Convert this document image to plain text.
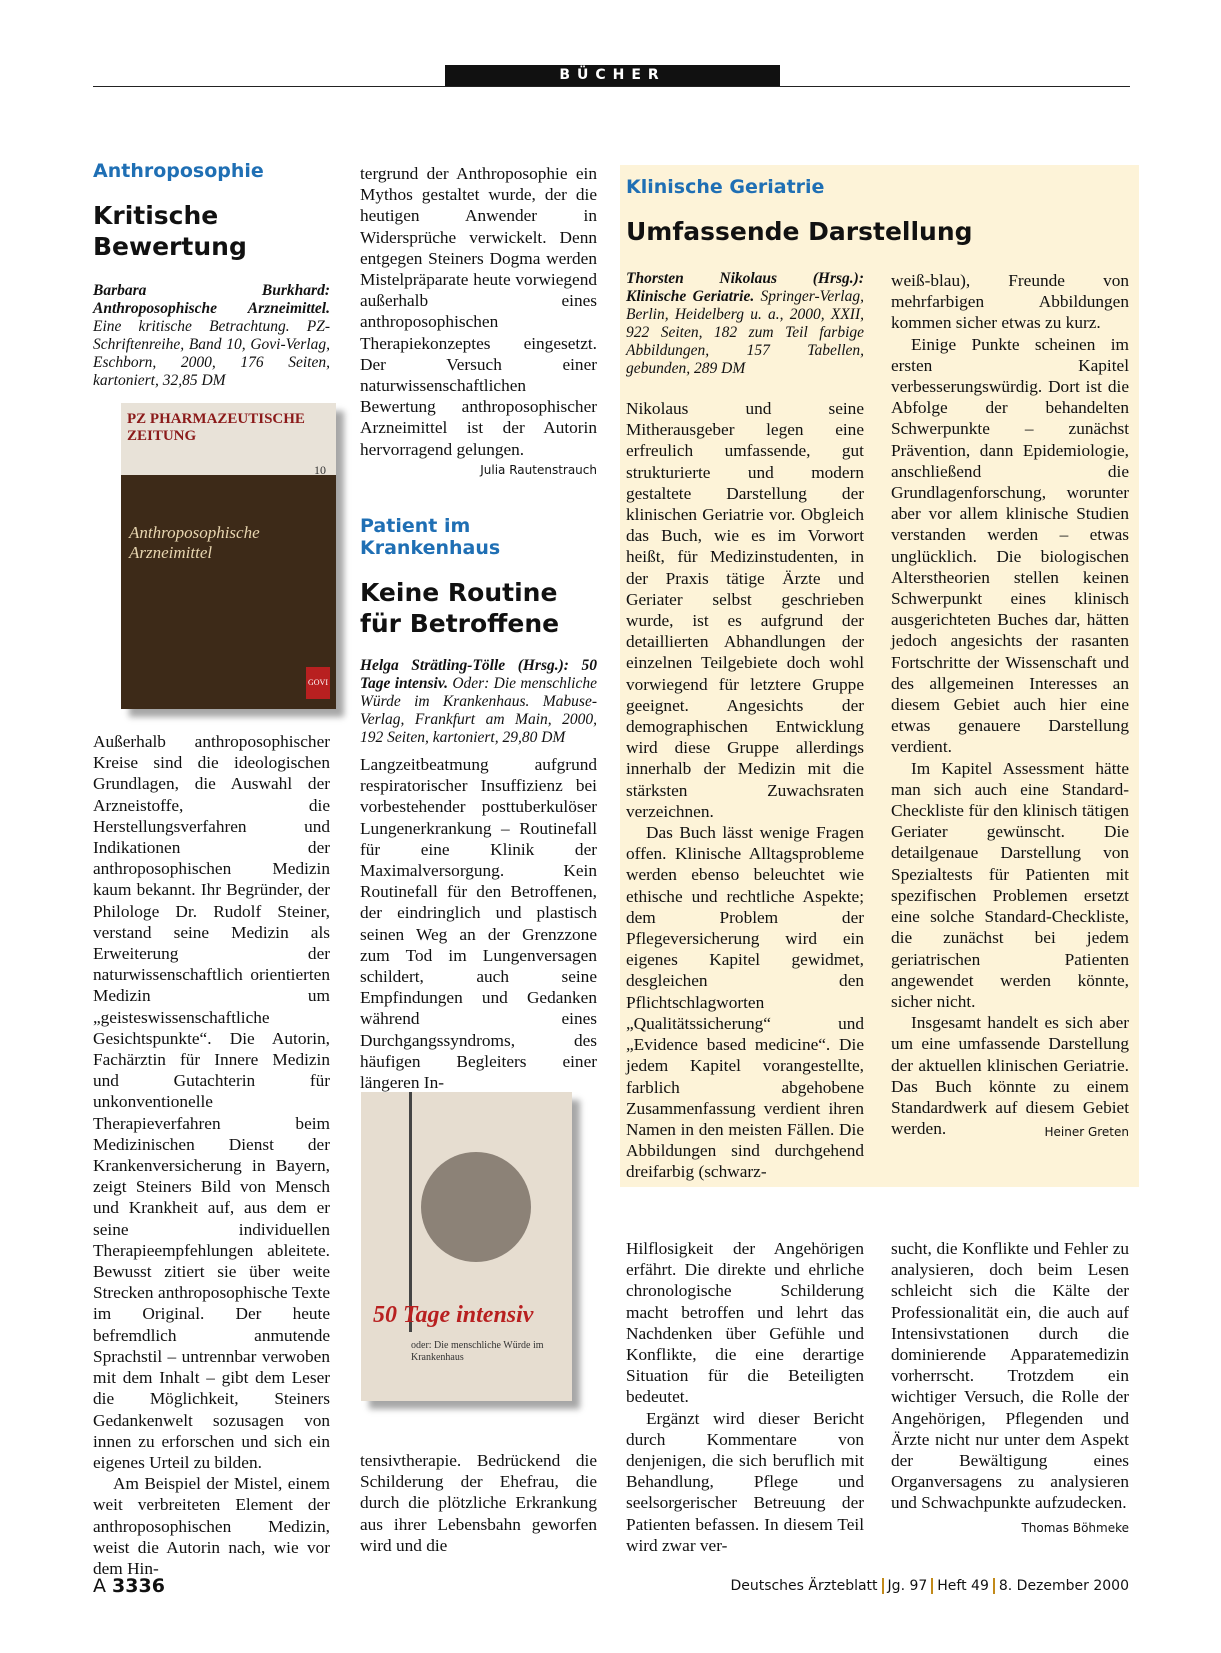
BÜCHER

Anthroposophie

Kritische Bewertung

Barbara Burkhard: Anthroposophische Arzneimittel. Eine kritische Betrachtung. PZ-Schriftenreihe, Band 10, Govi-Verlag, Eschborn, 2000, 176 Seiten, kartoniert, 32,85 DM

PZ PHARMAZEUTISCHE ZEITUNG
10
Anthroposophische Arzneimittel
GOVI

Außerhalb anthroposophischer Kreise sind die ideologischen Grundlagen, die Auswahl der Arzneistoffe, die Herstellungsverfahren und Indikationen der anthroposophischen Medizin kaum bekannt. Ihr Begründer, der Philologe Dr. Rudolf Steiner, verstand seine Medizin als Erweiterung der naturwissenschaftlich orientierten Medizin um „geisteswissenschaftliche Gesichtspunkte“. Die Autorin, Fachärztin für Innere Medizin und Gutachterin für unkonventionelle Therapieverfahren beim Medizinischen Dienst der Krankenversicherung in Bayern, zeigt Steiners Bild von Mensch und Krankheit auf, aus dem er seine individuellen Therapieempfehlungen ableitete. Bewusst zitiert sie über weite Strecken anthroposophische Texte im Original. Der heute befremdlich anmutende Sprachstil – untrennbar verwoben mit dem Inhalt – gibt dem Leser die Möglichkeit, Steiners Gedankenwelt sozusagen von innen zu erforschen und sich ein eigenes Urteil zu bilden.

Am Beispiel der Mistel, einem weit verbreiteten Element der anthroposophischen Medizin, weist die Autorin nach, wie vor dem Hin-

tergrund der Anthroposophie ein Mythos gestaltet wurde, der die heutigen Anwender in Widersprüche verwickelt. Denn entgegen Steiners Dogma werden Mistelpräparate heute vorwiegend außerhalb eines anthroposophischen Therapiekonzeptes eingesetzt. Der Versuch einer naturwissenschaftlichen Bewertung anthroposophischer Arzneimittel ist der Autorin hervorragend gelungen.

Julia Rautenstrauch

Patient im Krankenhaus

Keine Routine für Betroffene

Helga Strätling-Tölle (Hrsg.): 50 Tage intensiv. Oder: Die menschliche Würde im Krankenhaus. Mabuse-Verlag, Frankfurt am Main, 2000, 192 Seiten, kartoniert, 29,80 DM

Langzeitbeatmung aufgrund respiratorischer Insuffizienz bei vorbestehender posttuberkulöser Lungenerkrankung – Routinefall für eine Klinik der Maximalversorgung. Kein Routinefall für den Betroffenen, der eindringlich und plastisch seinen Weg an der Grenzzone zum Tod im Lungenversagen schildert, auch seine Empfindungen und Gedanken während eines Durchgangssyndroms, des häufigen Begleiters einer längeren In-

50 Tage intensiv
oder: Die menschliche Würde im Krankenhaus

tensivtherapie. Bedrückend die Schilderung der Ehefrau, die durch die plötzliche Erkrankung aus ihrer Lebensbahn geworfen wird und die

Klinische Geriatrie

Umfassende Darstellung

Thorsten Nikolaus (Hrsg.): Klinische Geriatrie. Springer-Verlag, Berlin, Heidelberg u. a., 2000, XXII, 922 Seiten, 182 zum Teil farbige Abbildungen, 157 Tabellen, gebunden, 289 DM

Nikolaus und seine Mitherausgeber legen eine erfreulich umfassende, gut strukturierte und modern gestaltete Darstellung der klinischen Geriatrie vor. Obgleich das Buch, wie es im Vorwort heißt, für Medizinstudenten, in der Praxis tätige Ärzte und Geriater selbst geschrieben wurde, ist es aufgrund der detaillierten Abhandlungen der einzelnen Teilgebiete doch wohl vorwiegend für letztere Gruppe geeignet. Angesichts der demographischen Entwicklung wird diese Gruppe allerdings innerhalb der Medizin mit die stärksten Zuwachsraten verzeichnen.

Das Buch lässt wenige Fragen offen. Klinische Alltagsprobleme werden ebenso beleuchtet wie ethische und rechtliche Aspekte; dem Problem der Pflegeversicherung wird ein eigenes Kapitel gewidmet, desgleichen den Pflichtschlagworten „Qualitätssicherung“ und „Evidence based medicine“. Die jedem Kapitel vorangestellte, farblich abgehobene Zusammenfassung verdient ihren Namen in den meisten Fällen. Die Abbildungen sind durchgehend dreifarbig (schwarz-

weiß-blau), Freunde von mehrfarbigen Abbildungen kommen sicher etwas zu kurz.

Einige Punkte scheinen im ersten Kapitel verbesserungswürdig. Dort ist die Abfolge der behandelten Schwerpunkte – zunächst Prävention, dann Epidemiologie, anschließend die Grundlagenforschung, worunter aber vor allem klinische Studien verstanden werden – etwas unglücklich. Die biologischen Alterstheorien stellen keinen Schwerpunkt eines klinisch ausgerichteten Buches dar, hätten jedoch angesichts der rasanten Fortschritte der Wissenschaft und des allgemeinen Interesses an diesem Gebiet auch hier eine etwas genauere Darstellung verdient.

Im Kapitel Assessment hätte man sich auch eine Standard-Checkliste für den klinisch tätigen Geriater gewünscht. Die detailgenaue Darstellung von Spezialtests für Patienten mit spezifischen Problemen ersetzt eine solche Standard-Checkliste, die zunächst bei jedem geriatrischen Patienten angewendet werden könnte, sicher nicht.

Insgesamt handelt es sich aber um eine umfassende Darstellung der aktuellen klinischen Geriatrie. Das Buch könnte zu einem Standardwerk auf diesem Gebiet werden.	Heiner Greten

Hilflosigkeit der Angehörigen erfährt. Die direkte und ehrliche chronologische Schilderung macht betroffen und lehrt das Nachdenken über Gefühle und Konflikte, die eine derartige Situation für die Beteiligten bedeutet.

Ergänzt wird dieser Bericht durch Kommentare von denjenigen, die sich beruflich mit Behandlung, Pflege und seelsorgerischer Betreuung der Patienten befassen. In diesem Teil wird zwar ver-

sucht, die Konflikte und Fehler zu analysieren, doch beim Lesen schleicht sich die Kälte der Professionalität ein, die auch auf Intensivstationen durch die dominierende Apparatemedizin vorherrscht. Trotzdem ein wichtiger Versuch, die Rolle der Angehörigen, Pflegenden und Ärzte nicht nur unter dem Aspekt der Bewältigung eines Organversagens zu analysieren und Schwachpunkte aufzudecken.
Thomas Böhmeke

A 3336	Deutsches Ärzteblatt Jg. 97 Heft 49 8. Dezember 2000
